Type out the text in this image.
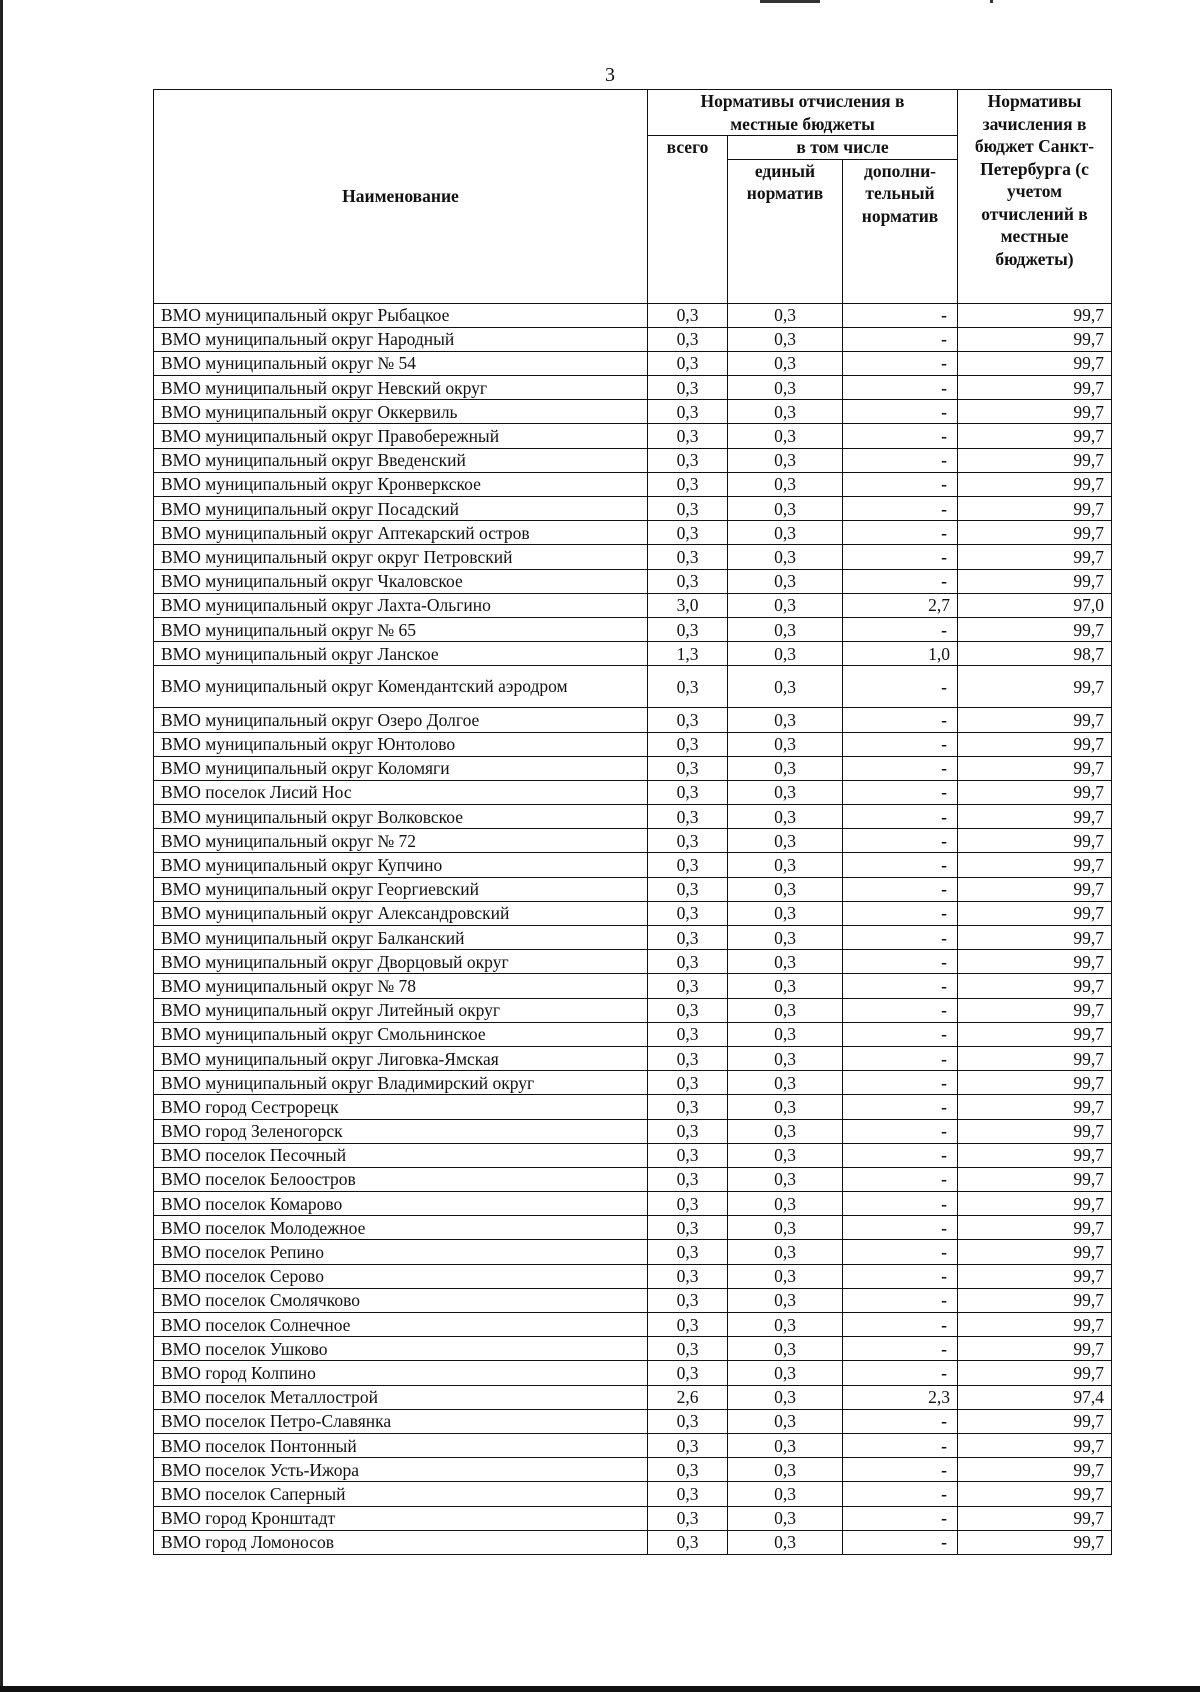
3
Наименование	Нормативы отчисления в местные бюджеты			Нормативы зачисления в бюджет Санкт-Петербурга (с учетом отчислений в местные бюджеты)
	всего	в том числе		
		единый норматив	дополни-тельный норматив	
ВМО муниципальный округ Рыбацкое	0,3	0,3	-	99,7
ВМО муниципальный округ Народный	0,3	0,3	-	99,7
ВМО муниципальный округ № 54	0,3	0,3	-	99,7
ВМО муниципальный округ Невский округ	0,3	0,3	-	99,7
ВМО муниципальный округ Оккервиль	0,3	0,3	-	99,7
ВМО муниципальный округ Правобережный	0,3	0,3	-	99,7
ВМО муниципальный округ Введенский	0,3	0,3	-	99,7
ВМО муниципальный округ Кронверкское	0,3	0,3	-	99,7
ВМО муниципальный округ Посадский	0,3	0,3	-	99,7
ВМО муниципальный округ Аптекарский остров	0,3	0,3	-	99,7
ВМО муниципальный округ округ Петровский	0,3	0,3	-	99,7
ВМО муниципальный округ Чкаловское	0,3	0,3	-	99,7
ВМО муниципальный округ Лахта-Ольгино	3,0	0,3	2,7	97,0
ВМО муниципальный округ № 65	0,3	0,3	-	99,7
ВМО муниципальный округ Ланское	1,3	0,3	1,0	98,7
ВМО муниципальный округ Комендантский аэродром	0,3	0,3	-	99,7
ВМО муниципальный округ Озеро Долгое	0,3	0,3	-	99,7
ВМО муниципальный округ Юнтолово	0,3	0,3	-	99,7
ВМО муниципальный округ Коломяги	0,3	0,3	-	99,7
ВМО поселок Лисий Нос	0,3	0,3	-	99,7
ВМО муниципальный округ Волковское	0,3	0,3	-	99,7
ВМО муниципальный округ № 72	0,3	0,3	-	99,7
ВМО муниципальный округ Купчино	0,3	0,3	-	99,7
ВМО муниципальный округ Георгиевский	0,3	0,3	-	99,7
ВМО муниципальный округ Александровский	0,3	0,3	-	99,7
ВМО муниципальный округ Балканский	0,3	0,3	-	99,7
ВМО муниципальный округ Дворцовый округ	0,3	0,3	-	99,7
ВМО муниципальный округ № 78	0,3	0,3	-	99,7
ВМО муниципальный округ Литейный округ	0,3	0,3	-	99,7
ВМО муниципальный округ Смольнинское	0,3	0,3	-	99,7
ВМО муниципальный округ Лиговка-Ямская	0,3	0,3	-	99,7
ВМО муниципальный округ Владимирский округ	0,3	0,3	-	99,7
ВМО город Сестрорецк	0,3	0,3	-	99,7
ВМО город Зеленогорск	0,3	0,3	-	99,7
ВМО поселок Песочный	0,3	0,3	-	99,7
ВМО поселок Белоостров	0,3	0,3	-	99,7
ВМО поселок Комарово	0,3	0,3	-	99,7
ВМО поселок Молодежное	0,3	0,3	-	99,7
ВМО поселок Репино	0,3	0,3	-	99,7
ВМО поселок Серово	0,3	0,3	-	99,7
ВМО поселок Смолячково	0,3	0,3	-	99,7
ВМО поселок Солнечное	0,3	0,3	-	99,7
ВМО поселок Ушково	0,3	0,3	-	99,7
ВМО город Колпино	0,3	0,3	-	99,7
ВМО поселок Металлострой	2,6	0,3	2,3	97,4
ВМО поселок Петро-Славянка	0,3	0,3	-	99,7
ВМО поселок Понтонный	0,3	0,3	-	99,7
ВМО поселок Усть-Ижора	0,3	0,3	-	99,7
ВМО поселок Саперный	0,3	0,3	-	99,7
ВМО город Кронштадт	0,3	0,3	-	99,7
ВМО город Ломоносов	0,3	0,3	-	99,7
